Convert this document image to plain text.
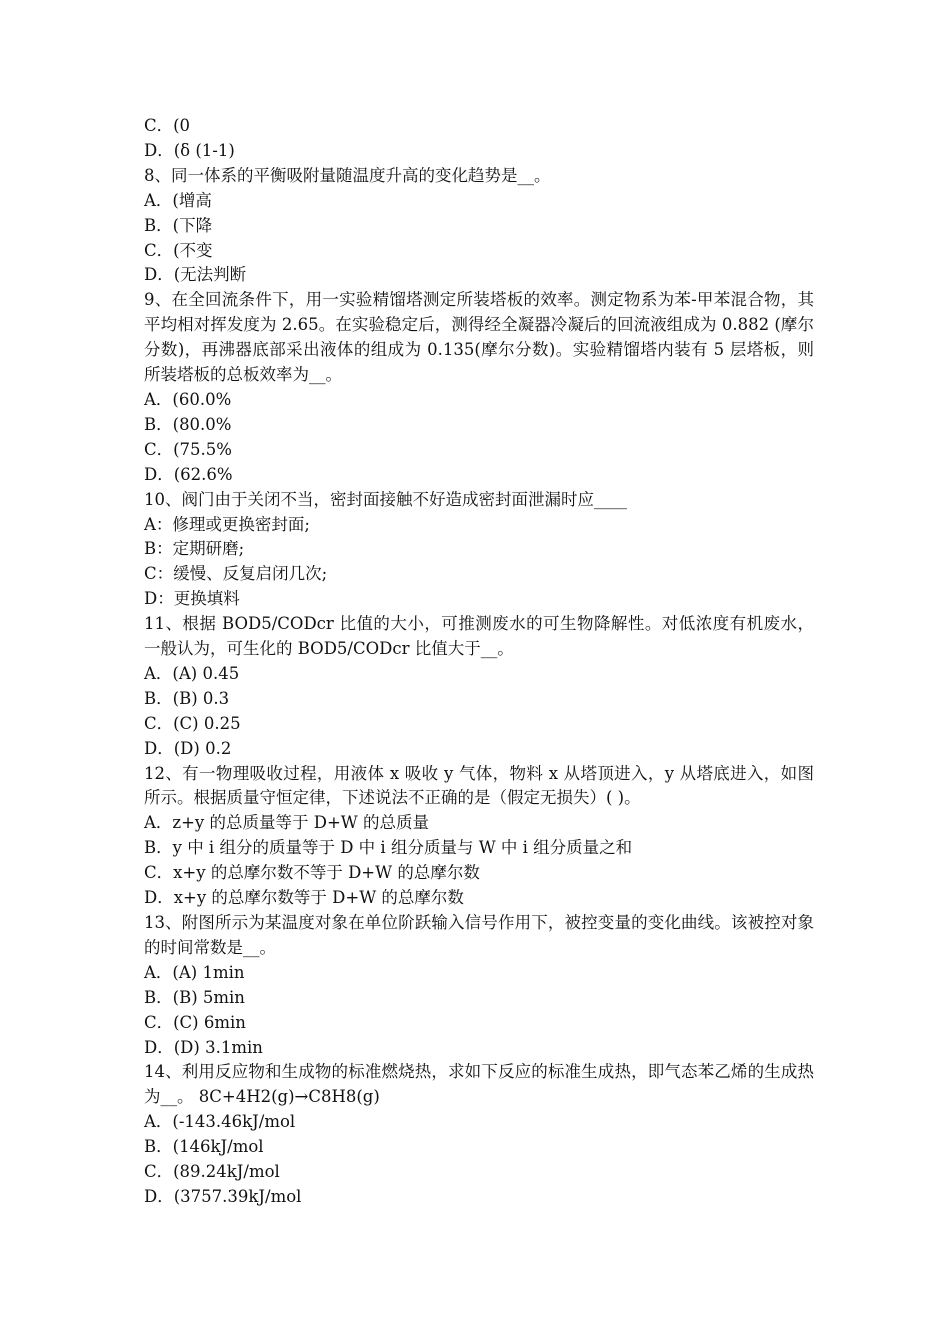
C．(0
D．(δ (1-1)
8、同一体系的平衡吸附量随温度升高的变化趋势是__。
A．(增高
B．(下降
C．(不变
D．(无法判断
9、在全回流条件下，用一实验精馏塔测定所装塔板的效率。测定物系为苯-甲苯混合物，其平均相对挥发度为 2.65。在实验稳定后，测得经全凝器冷凝后的回流液组成为 0.882 (摩尔分数)，再沸器底部采出液体的组成为 0.135(摩尔分数)。实验精馏塔内装有 5 层塔板，则所装塔板的总板效率为__。
A．(60.0%
B．(80.0%
C．(75.5%
D．(62.6%
10、阀门由于关闭不当，密封面接触不好造成密封面泄漏时应____
A：修理或更换密封面;
B：定期研磨;
C：缓慢、反复启闭几次;
D：更换填料
11、根据 BOD5/CODcr 比值的大小，可推测废水的可生物降解性。对低浓度有机废水，一般认为，可生化的 BOD5/CODcr 比值大于__。
A．(A) 0.45
B．(B) 0.3
C．(C) 0.25
D．(D) 0.2
12、有一物理吸收过程，用液体 x 吸收 y 气体，物料 x 从塔顶进入，y 从塔底进入，如图所示。根据质量守恒定律，下述说法不正确的是（假定无损失）( )。
A．z+y 的总质量等于 D+W 的总质量
B．y 中 i 组分的质量等于 D 中 i 组分质量与 W 中 i 组分质量之和
C．x+y 的总摩尔数不等于 D+W 的总摩尔数
D．x+y 的总摩尔数等于 D+W 的总摩尔数
13、附图所示为某温度对象在单位阶跃输入信号作用下，被控变量的变化曲线。该被控对象的时间常数是__。
A．(A) 1min
B．(B) 5min
C．(C) 6min
D．(D) 3.1min
14、利用反应物和生成物的标准燃烧热，求如下反应的标准生成热，即气态苯乙烯的生成热为__。 8C+4H2(g)→C8H8(g)
A．(-143.46kJ/mol
B．(146kJ/mol
C．(89.24kJ/mol
D．(3757.39kJ/mol
